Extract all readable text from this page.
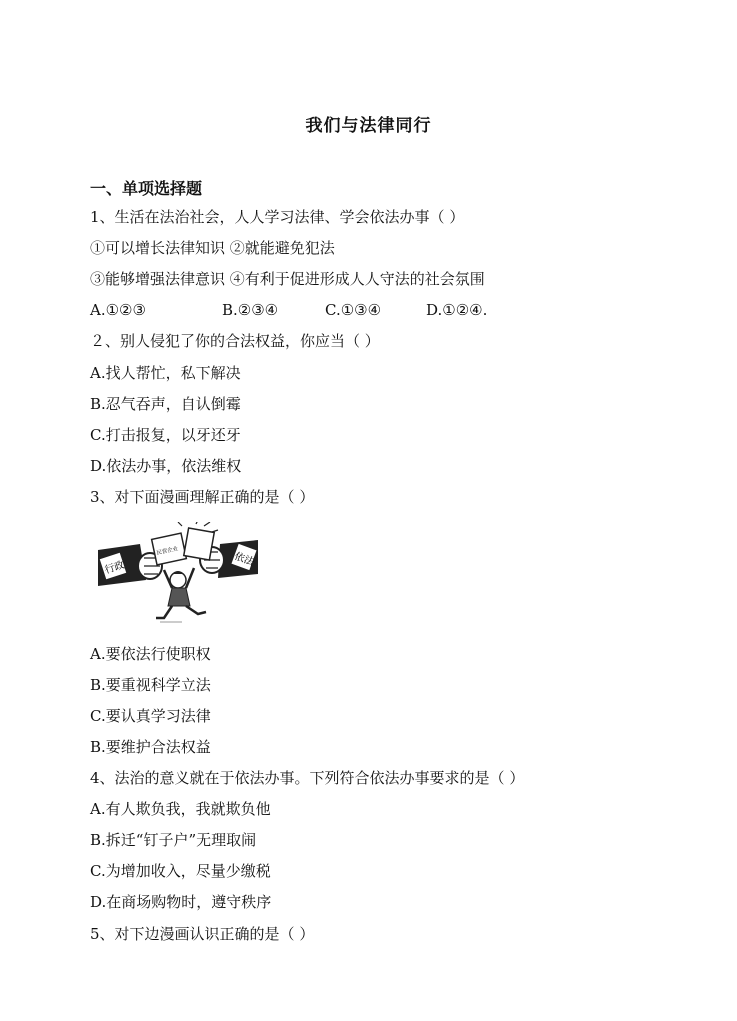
我们与法律同行
一、单项选择题
1、生活在法治社会，人人学习法律、学会依法办事（ ）
①可以增长法律知识 ②就能避免犯法
③能够增强法律意识 ④有利于促进形成人人守法的社会氛围
A.①②③	B.②③④	C.①③④	D.①②④.
２、别人侵犯了你的合法权益，你应当（ ）
A.找人帮忙，私下解决
B.忍气吞声，自认倒霉
C.打击报复，以牙还牙
D.依法办事，依法维权
3、对下面漫画理解正确的是（ ）
行政	依法
民营企业
A.要依法行使职权
B.要重视科学立法
C.要认真学习法律
B.要维护合法权益
4、法治的意义就在于依法办事。下列符合依法办事要求的是（ ）
A.有人欺负我，我就欺负他
B.拆迁“钉子户”无理取闹
C.为增加收入，尽量少缴税
D.在商场购物时，遵守秩序
5、对下边漫画认识正确的是（ ）
